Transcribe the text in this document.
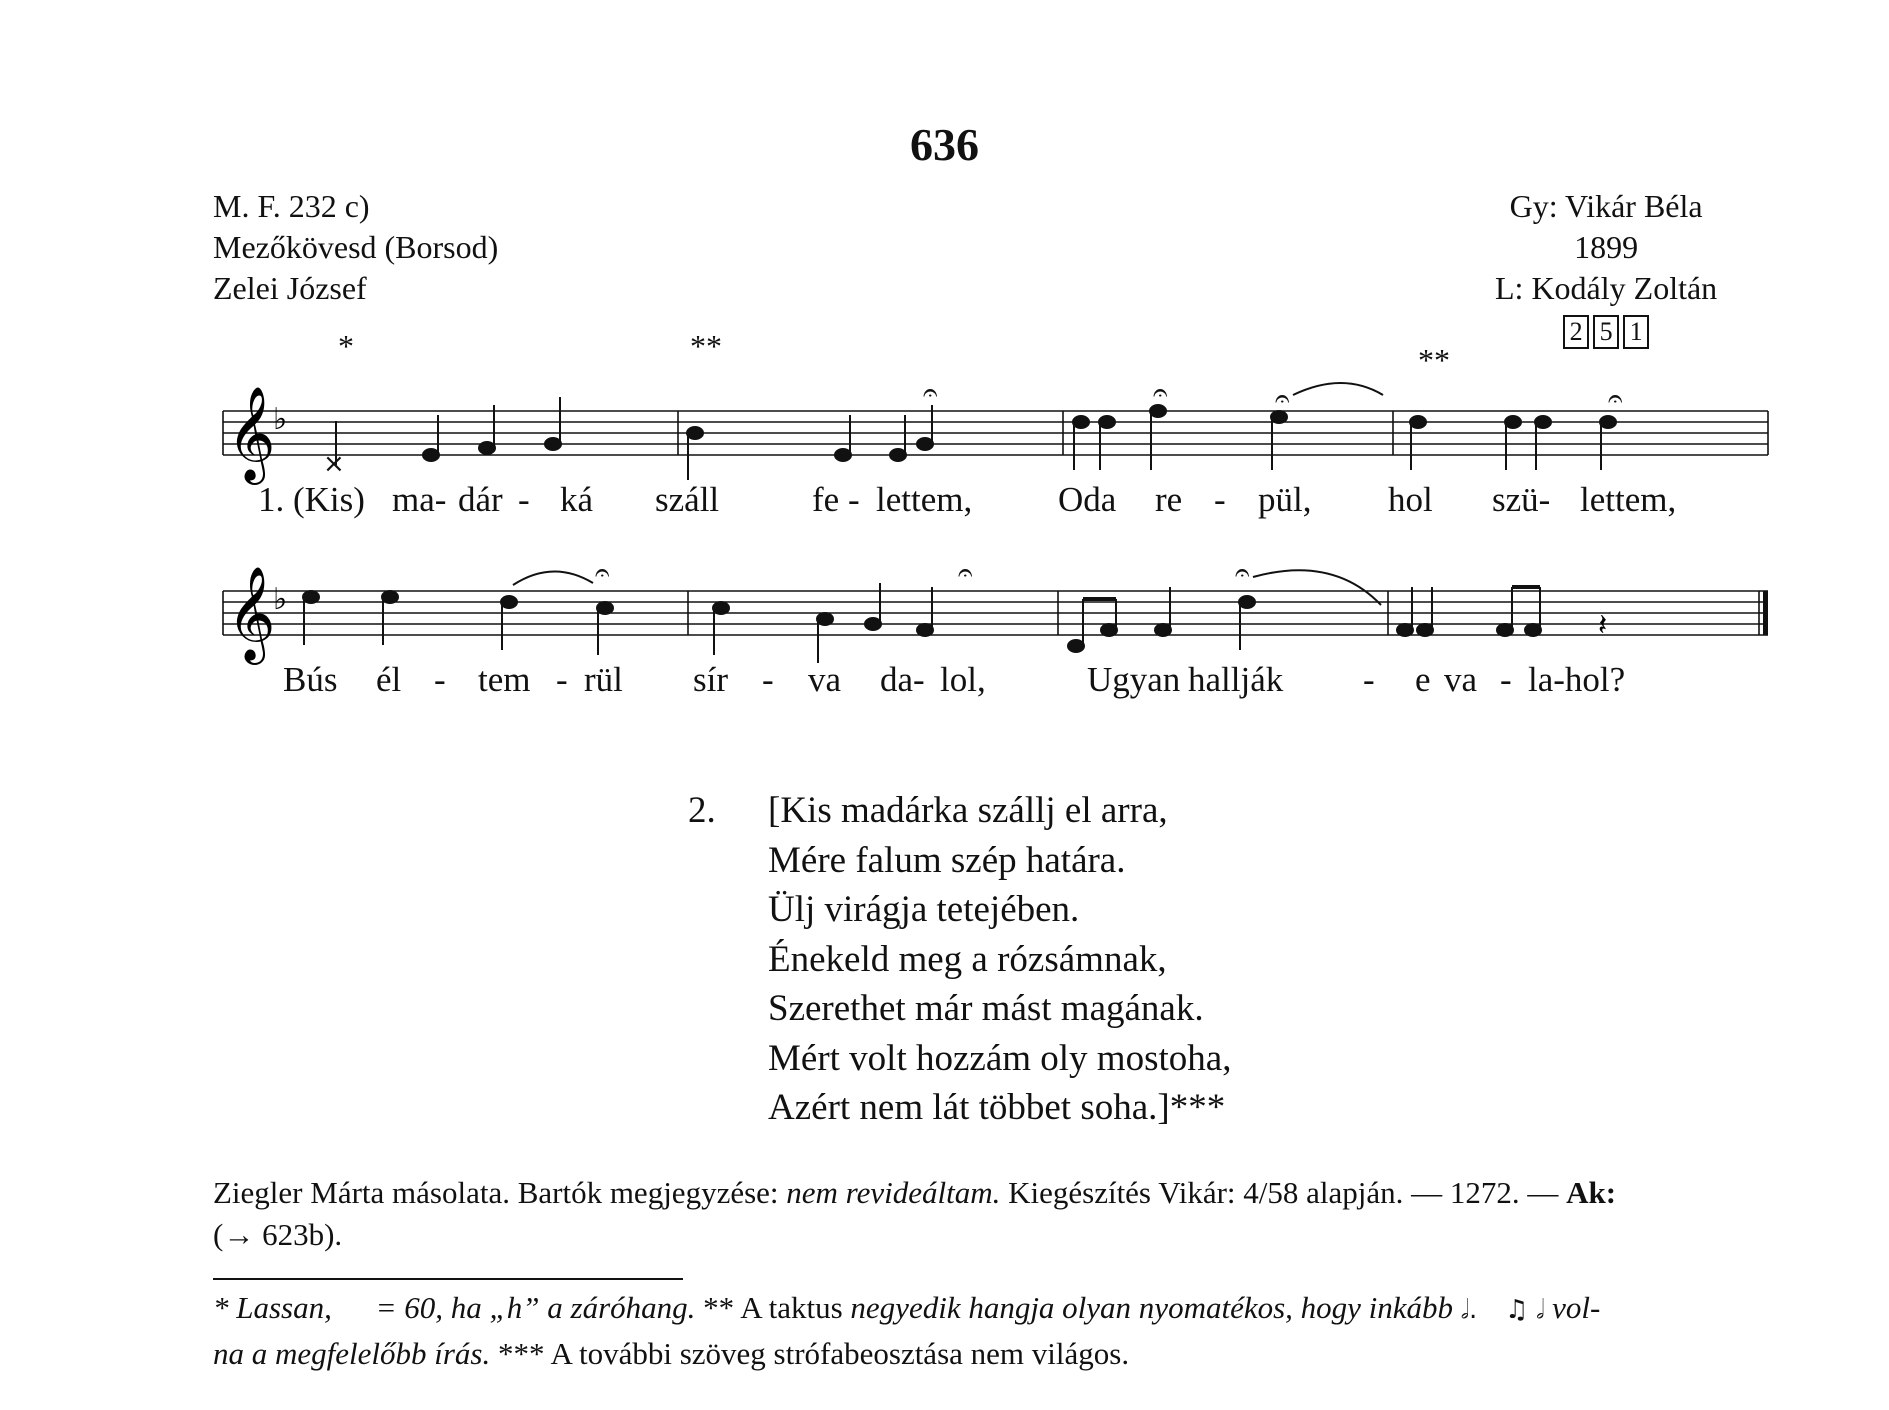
636
M. F. 232 c)
Mezőkövesd (Borsod)
Zelei József
Gy: Vikár Béla
1899
L: Kodály Zoltán
2 5 1
*	**	**
𝄞
♭
×
𝄐	𝄐	𝄐	𝄐
1. (Kis) ma- dár - ká száll	fe - lettem, Oda re - pül, hol szü- lettem,
𝄞
♭
𝄽
𝄐	𝄐	𝄐
Bús él - tem - rül sír - va da- lol,	Ugyan hallják - e va - la-hol?
2. [Kis madárka szállj el arra,
Mére falum szép határa.
Ülj virágja tetejében.
Énekeld meg a rózsámnak,
Szerethet már mást magának.
Mért volt hozzám oly mostoha,
Azért nem lát többet soha.]***
Ziegler Márta másolata. Bartók megjegyzése: nem revideáltam. Kiegészítés Vikár: 4/58 alapján. — 1272. — Ak:
(→ 623b).
* Lassan, = 60, ha „h” a záróhang. ** A taktus negyedik hangja olyan nyomatékos, hogy inkább 𝅗𝅥. ♫ 𝅗𝅥 vol-
na a megfelelőbb írás. *** A további szöveg strófabeosztása nem világos.
